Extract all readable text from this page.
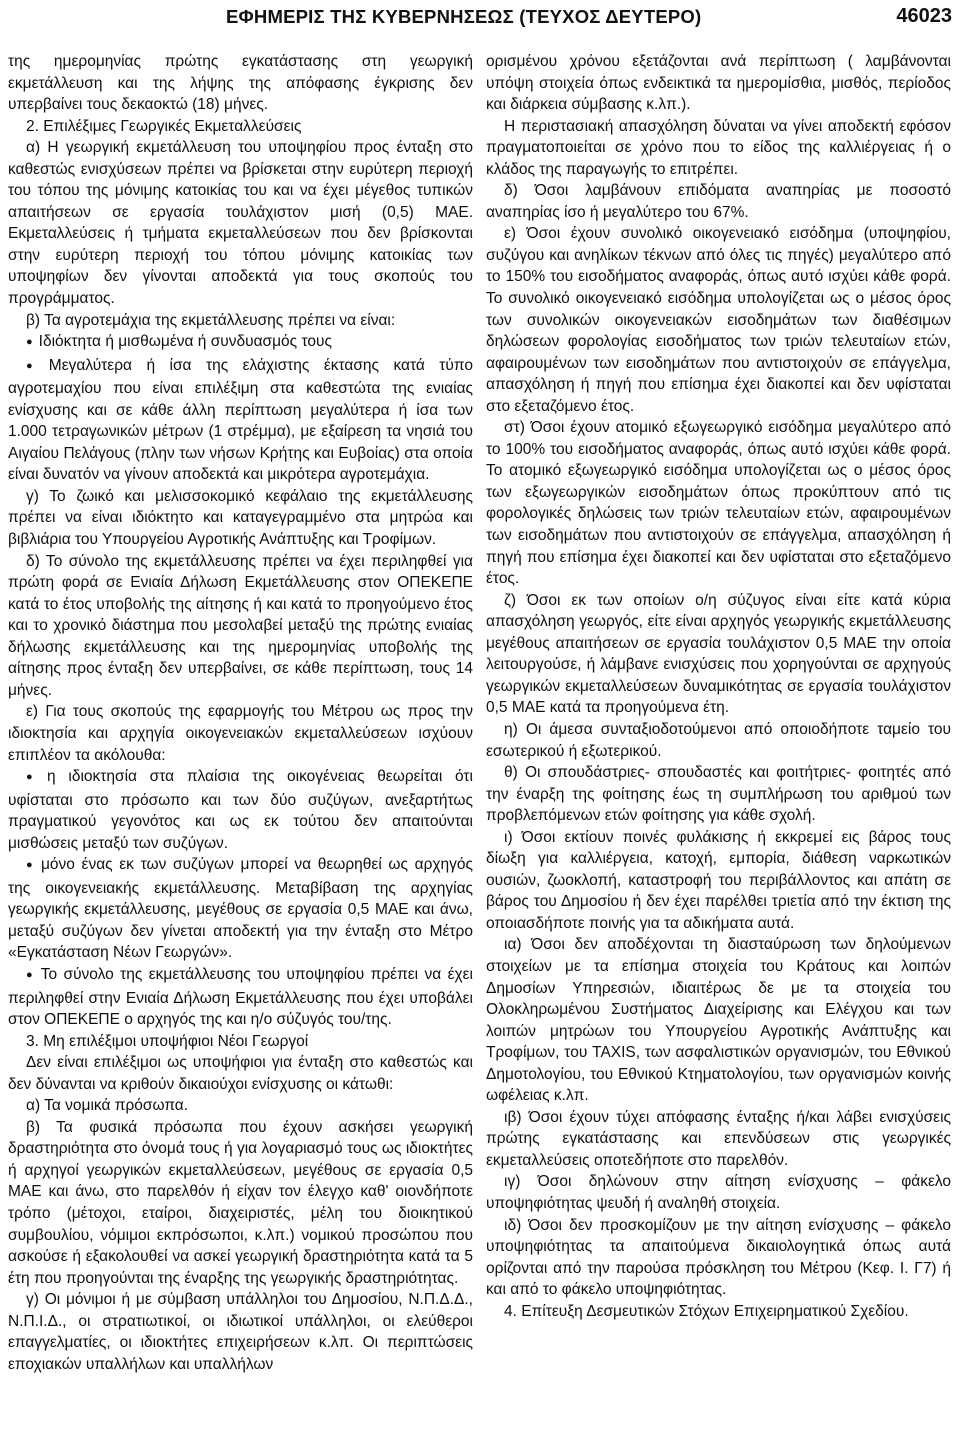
ΕΦΗΜΕΡΙΣ ΤΗΣ ΚΥΒΕΡΝΗΣΕΩΣ (ΤΕΥΧΟΣ ΔΕΥΤΕΡΟ)	46023

της ημερομηνίας πρώτης εγκατάστασης στη γεωργική εκμετάλλευση και της λήψης της απόφασης έγκρισης δεν υπερβαίνει τους δεκαοκτώ (18) μήνες.

2. Επιλέξιμες Γεωργικές Εκμεταλλεύσεις

α) Η γεωργική εκμετάλλευση του υποψηφίου προς ένταξη στο καθεστώς ενισχύσεων πρέπει να βρίσκεται στην ευρύτερη περιοχή του τόπου της μόνιμης κατοικίας του και να έχει μέγεθος τυπικών απαιτήσεων σε εργασία τουλάχιστον μισή (0,5) ΜΑΕ. Εκμεταλλεύσεις ή τμήματα εκμεταλλεύσεων που δεν βρίσκονται στην ευρύτερη περιοχή του τόπου μόνιμης κατοικίας των υποψηφίων δεν γίνονται αποδεκτά για τους σκοπούς του προγράμματος.

β) Τα αγροτεμάχια της εκμετάλλευσης πρέπει να είναι:

● Ιδιόκτητα ή μισθωμένα ή συνδυασμός τους

● Μεγαλύτερα ή ίσα της ελάχιστης έκτασης κατά τύπο αγροτεμαχίου που είναι επιλέξιμη στα καθεστώτα της ενιαίας ενίσχυσης και σε κάθε άλλη περίπτωση μεγαλύτερα ή ίσα των 1.000 τετραγωνικών μέτρων (1 στρέμμα), με εξαίρεση τα νησιά του Αιγαίου Πελάγους (πλην των νήσων Κρήτης και Ευβοίας) στα οποία είναι δυνατόν να γίνουν αποδεκτά και μικρότερα αγροτεμάχια.

γ) Το ζωικό και μελισσοκομικό κεφάλαιο της εκμετάλλευσης πρέπει να είναι ιδιόκτητο και καταγεγραμμένο στα μητρώα και βιβλιάρια του Υπουργείου Αγροτικής Ανάπτυξης και Τροφίμων.

δ) Το σύνολο της εκμετάλλευσης πρέπει να έχει περιληφθεί για πρώτη φορά σε Ενιαία Δήλωση Εκμετάλλευσης στον ΟΠΕΚΕΠΕ κατά το έτος υποβολής της αίτησης ή και κατά το προηγούμενο έτος και το χρονικό διάστημα που μεσολαβεί μεταξύ της πρώτης ενιαίας δήλωσης εκμετάλλευσης και της ημερομηνίας υποβολής της αίτησης προς ένταξη δεν υπερβαίνει, σε κάθε περίπτωση, τους 14 μήνες.

ε) Για τους σκοπούς της εφαρμογής του Μέτρου ως προς την ιδιοκτησία και αρχηγία οικογενειακών εκμεταλλεύσεων ισχύουν επιπλέον τα ακόλουθα:

● η ιδιοκτησία στα πλαίσια της οικογένειας θεωρείται ότι υφίσταται στο πρόσωπο και των δύο συζύγων, ανεξαρτήτως πραγματικού γεγονότος και ως εκ τούτου δεν απαιτούνται μισθώσεις μεταξύ των συζύγων.

● μόνο ένας εκ των συζύγων μπορεί να θεωρηθεί ως αρχηγός της οικογενειακής εκμετάλλευσης. Μεταβίβαση της αρχηγίας γεωργικής εκμετάλλευσης, μεγέθους σε εργασία 0,5 ΜΑΕ και άνω, μεταξύ συζύγων δεν γίνεται αποδεκτή για την ένταξη στο Μέτρο «Εγκατάσταση Νέων Γεωργών».

● Το σύνολο της εκμετάλλευσης του υποψηφίου πρέπει να έχει περιληφθεί στην Ενιαία Δήλωση Εκμετάλλευσης που έχει υποβάλει στον ΟΠΕΚΕΠΕ ο αρχηγός της και η/ο σύζυγός του/της.

3. Μη επιλέξιμοι υποψήφιοι Νέοι Γεωργοί

Δεν είναι επιλέξιμοι ως υποψήφιοι για ένταξη στο καθεστώς και δεν δύνανται να κριθούν δικαιούχοι ενίσχυσης οι κάτωθι:

α) Τα νομικά πρόσωπα.

β) Τα φυσικά πρόσωπα που έχουν ασκήσει γεωργική δραστηριότητα στο όνομά τους ή για λογαριασμό τους ως ιδιοκτήτες ή αρχηγοί γεωργικών εκμεταλλεύσεων, μεγέθους σε εργασία 0,5 ΜΑΕ και άνω, στο παρελθόν ή είχαν τον έλεγχο καθ' οιονδήποτε τρόπο (μέτοχοι, εταίροι, διαχειριστές, μέλη του διοικητικού συμβουλίου, νόμιμοι εκπρόσωποι, κ.λπ.) νομικού προσώπου που ασκούσε ή εξακολουθεί να ασκεί γεωργική δραστηριότητα κατά τα 5 έτη που προηγούνται της έναρξης της γεωργικής δραστηριότητας.

γ) Οι μόνιμοι ή με σύμβαση υπάλληλοι του Δημοσίου, Ν.Π.Δ.Δ., Ν.Π.Ι.Δ., οι στρατιωτικοί, οι ιδιωτικοί υπάλληλοι, οι ελεύθεροι επαγγελματίες, οι ιδιοκτήτες επιχειρήσεων κ.λπ. Οι περιπτώσεις εποχιακών υπαλλήλων και υπαλλήλων

ορισμένου χρόνου εξετάζονται ανά περίπτωση ( λαμβάνονται υπόψη στοιχεία όπως ενδεικτικά τα ημερομίσθια, μισθός, περίοδος και διάρκεια σύμβασης κ.λπ.).

Η περιστασιακή απασχόληση δύναται να γίνει αποδεκτή εφόσον πραγματοποιείται σε χρόνο που το είδος της καλλιέργειας ή ο κλάδος της παραγωγής το επιτρέπει.

δ) Όσοι λαμβάνουν επιδόματα αναπηρίας με ποσοστό αναπηρίας ίσο ή μεγαλύτερο του 67%.

ε) Όσοι έχουν συνολικό οικογενειακό εισόδημα (υποψηφίου, συζύγου και ανηλίκων τέκνων από όλες τις πηγές) μεγαλύτερο από το 150% του εισοδήματος αναφοράς, όπως αυτό ισχύει κάθε φορά. Το συνολικό οικογενειακό εισόδημα υπολογίζεται ως ο μέσος όρος των συνολικών οικογενειακών εισοδημάτων των διαθέσιμων δηλώσεων φορολογίας εισοδήματος των τριών τελευταίων ετών, αφαιρουμένων των εισοδημάτων που αντιστοιχούν σε επάγγελμα, απασχόληση ή πηγή που επίσημα έχει διακοπεί και δεν υφίσταται στο εξεταζόμενο έτος.

στ) Όσοι έχουν ατομικό εξωγεωργικό εισόδημα μεγαλύτερο από το 100% του εισοδήματος αναφοράς, όπως αυτό ισχύει κάθε φορά. Το ατομικό εξωγεωργικό εισόδημα υπολογίζεται ως ο μέσος όρος των εξωγεωργικών εισοδημάτων όπως προκύπτουν από τις φορολογικές δηλώσεις των τριών τελευταίων ετών, αφαιρουμένων των εισοδημάτων που αντιστοιχούν σε επάγγελμα, απασχόληση ή πηγή που επίσημα έχει διακοπεί και δεν υφίσταται στο εξεταζόμενο έτος.

ζ) Όσοι εκ των οποίων ο/η σύζυγος είναι είτε κατά κύρια απασχόληση γεωργός, είτε είναι αρχηγός γεωργικής εκμετάλλευσης μεγέθους απαιτήσεων σε εργασία τουλάχιστον 0,5 ΜΑΕ την οποία λειτουργούσε, ή λάμβανε ενισχύσεις που χορηγούνται σε αρχηγούς γεωργικών εκμεταλλεύσεων δυναμικότητας σε εργασία τουλάχιστον 0,5 ΜΑΕ κατά τα προηγούμενα έτη.

η) Οι άμεσα συνταξιοδοτούμενοι από οποιοδήποτε ταμείο του εσωτερικού ή εξωτερικού.

θ) Οι σπουδάστριες- σπουδαστές και φοιτήτριες- φοιτητές από την έναρξη της φοίτησης έως τη συμπλήρωση του αριθμού των προβλεπόμενων ετών φοίτησης για κάθε σχολή.

ι) Όσοι εκτίουν ποινές φυλάκισης ή εκκρεμεί εις βάρος τους δίωξη για καλλιέργεια, κατοχή, εμπορία, διάθεση ναρκωτικών ουσιών, ζωοκλοπή, καταστροφή του περιβάλλοντος και απάτη σε βάρος του Δημοσίου ή δεν έχει παρέλθει τριετία από την έκτιση της οποιασδήποτε ποινής για τα αδικήματα αυτά.

ια) Όσοι δεν αποδέχονται τη διασταύρωση των δηλούμενων στοιχείων με τα επίσημα στοιχεία του Κράτους και λοιπών Δημοσίων Υπηρεσιών, ιδιαιτέρως δε με τα στοιχεία του Ολοκληρωμένου Συστήματος Διαχείρισης και Ελέγχου και των λοιπών μητρώων του Υπουργείου Αγροτικής Ανάπτυξης και Τροφίμων, του TAXIS, των ασφαλιστικών οργανισμών, του Εθνικού Δημοτολογίου, του Εθνικού Κτηματολογίου, των οργανισμών κοινής ωφέλειας κ.λπ.

ιβ) Όσοι έχουν τύχει απόφασης ένταξης ή/και λάβει ενισχύσεις πρώτης εγκατάστασης και επενδύσεων στις γεωργικές εκμεταλλεύσεις οποτεδήποτε στο παρελθόν.

ιγ) Όσοι δηλώνουν στην αίτηση ενίσχυσης – φάκελο υποψηφιότητας ψευδή ή αναληθή στοιχεία.

ιδ) Όσοι δεν προσκομίζουν με την αίτηση ενίσχυσης – φάκελο υποψηφιότητας τα απαιτούμενα δικαιολογητικά όπως αυτά ορίζονται από την παρούσα πρόσκληση του Μέτρου (Κεφ. Ι. Γ7) ή και από το φάκελο υποψηφιότητας.

4. Επίτευξη Δεσμευτικών Στόχων Επιχειρηματικού Σχεδίου.
